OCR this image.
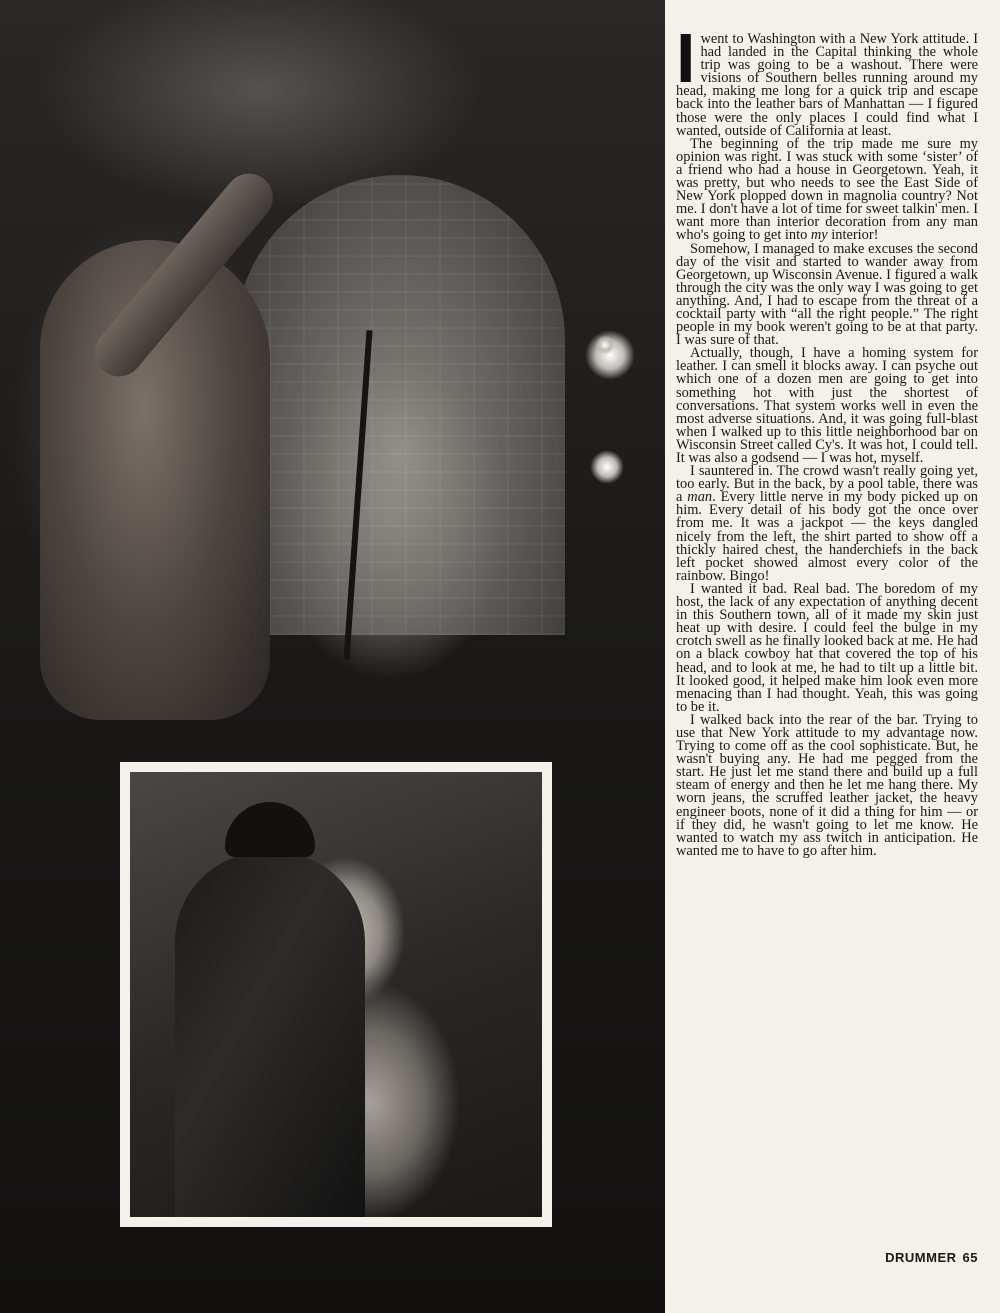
Iwent to Washington with a New York attitude. I had landed in the Capital thinking the whole trip was going to be a washout. There were visions of Southern belles running around my head, making me long for a quick trip and escape back into the leather bars of Manhattan — I figured those were the only places I could find what I wanted, outside of California at least.

The beginning of the trip made me sure my opinion was right. I was stuck with some ‘sister’ of a friend who had a house in Georgetown. Yeah, it was pretty, but who needs to see the East Side of New York plopped down in magnolia country? Not me. I don't have a lot of time for sweet talkin' men. I want more than interior decoration from any man who's going to get into my interior!

Somehow, I managed to make excuses the second day of the visit and started to wander away from Georgetown, up Wisconsin Avenue. I figured a walk through the city was the only way I was going to get anything. And, I had to escape from the threat of a cocktail party with “all the right people.” The right people in my book weren't going to be at that party. I was sure of that.

Actually, though, I have a homing system for leather. I can smell it blocks away. I can psyche out which one of a dozen men are going to get into something hot with just the shortest of conversations. That system works well in even the most adverse situations. And, it was going full-blast when I walked up to this little neighborhood bar on Wisconsin Street called Cy's. It was hot, I could tell. It was also a godsend — I was hot, myself.

I sauntered in. The crowd wasn't really going yet, too early. But in the back, by a pool table, there was a man. Every little nerve in my body picked up on him. Every detail of his body got the once over from me. It was a jackpot — the keys dangled nicely from the left, the shirt parted to show off a thickly haired chest, the handerchiefs in the back left pocket showed almost every color of the rainbow. Bingo!

I wanted it bad. Real bad. The boredom of my host, the lack of any expectation of anything decent in this Southern town, all of it made my skin just heat up with desire. I could feel the bulge in my crotch swell as he finally looked back at me. He had on a black cowboy hat that covered the top of his head, and to look at me, he had to tilt up a little bit. It looked good, it helped make him look even more menacing than I had thought. Yeah, this was going to be it.

I walked back into the rear of the bar. Trying to use that New York attitude to my advantage now. Trying to come off as the cool sophisticate. But, he wasn't buying any. He had me pegged from the start. He just let me stand there and build up a full steam of energy and then he let me hang there. My worn jeans, the scruffed leather jacket, the heavy engineer boots, none of it did a thing for him — or if they did, he wasn't going to let me know. He wanted to watch my ass twitch in anticipation. He wanted me to have to go after him.

DRUMMER 65
